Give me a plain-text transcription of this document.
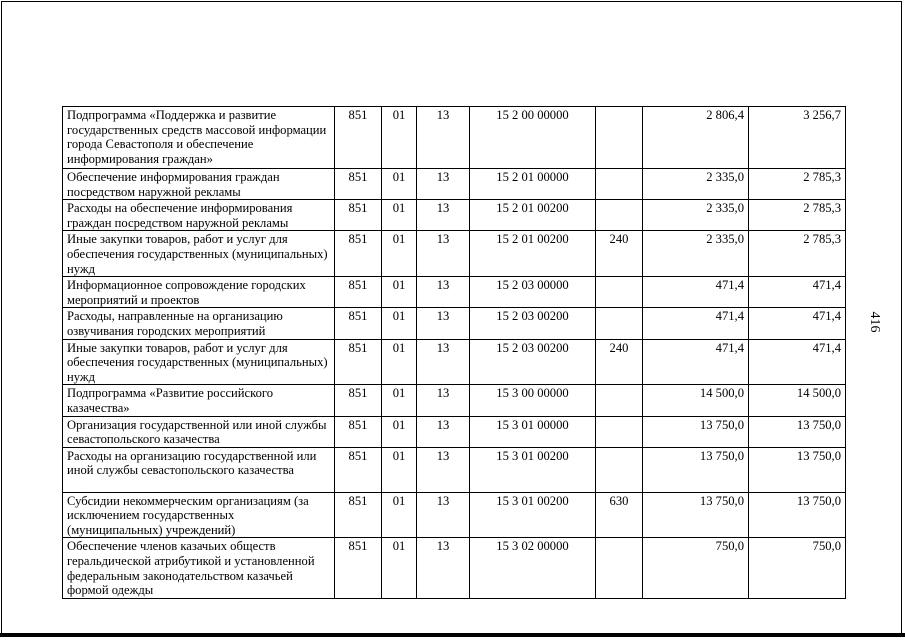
Подпрограмма «Поддержка и развитие государственных средств массовой информации города Севастополя и обеспечение информирования граждан»	851	01	13	15 2 00 00000		2 806,4	3 256,7
Обеспечение информирования граждан посредством наружной рекламы	851	01	13	15 2 01 00000		2 335,0	2 785,3
Расходы на обеспечение информирования граждан посредством наружной рекламы	851	01	13	15 2 01 00200		2 335,0	2 785,3
Иные закупки товаров, работ и услуг для обеспечения государственных (муниципальных) нужд	851	01	13	15 2 01 00200	240	2 335,0	2 785,3
Информационное сопровождение городских мероприятий и проектов	851	01	13	15 2 03 00000		471,4	471,4
Расходы, направленные на организацию озвучивания городских мероприятий	851	01	13	15 2 03 00200		471,4	471,4
Иные закупки товаров, работ и услуг для обеспечения государственных (муниципальных) нужд	851	01	13	15 2 03 00200	240	471,4	471,4
Подпрограмма «Развитие российского казачества»	851	01	13	15 3 00 00000		14 500,0	14 500,0
Организация государственной или иной службы севастопольского казачества	851	01	13	15 3 01 00000		13 750,0	13 750,0
Расходы на организацию государственной или иной службы севастопольского казачества	851	01	13	15 3 01 00200		13 750,0	13 750,0
Субсидии некоммерческим организациям (за исключением государственных (муниципальных) учреждений)	851	01	13	15 3 01 00200	630	13 750,0	13 750,0
Обеспечение членов казачьих обществ геральдической атрибутикой и установленной федеральным законодательством казачьей формой одежды	851	01	13	15 3 02 00000		750,0	750,0
416
